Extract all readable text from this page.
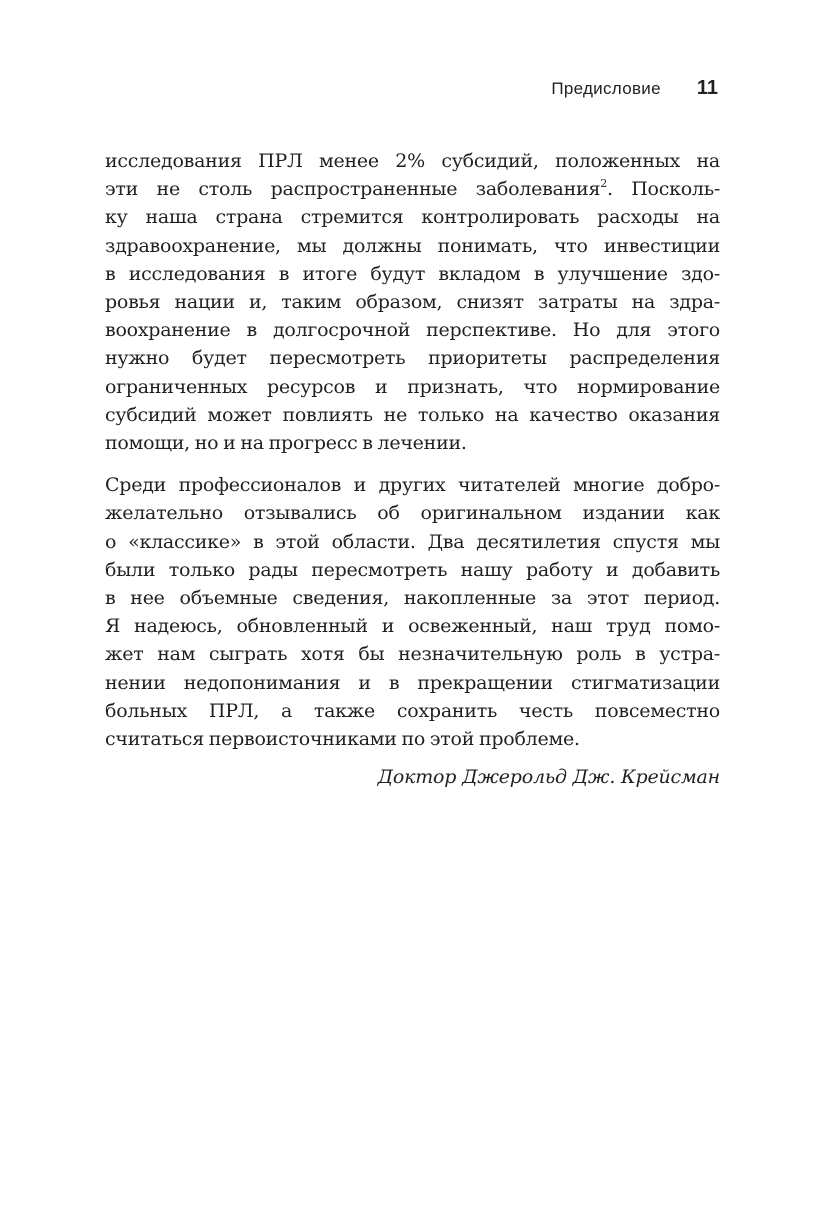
Предисловие 11

исследования ПРЛ менее 2% субсидий, положенных на
эти не столь распространенные заболевания$^2$. Посколь-
ку наша страна стремится контролировать расходы на
здравоохранение, мы должны понимать, что инвестиции
в исследования в итоге будут вкладом в улучшение здо-
ровья нации и, таким образом, снизят затраты на здра-
воохранение в долгосрочной перспективе. Но для этого
нужно будет пересмотреть приоритеты распределения
ограниченных ресурсов и признать, что нормирование
субсидий может повлиять не только на качество оказания
помощи, но и на прогресс в лечении.

Среди профессионалов и других читателей многие добро-
желательно отзывались об оригинальном издании как
о «классике» в этой области. Два десятилетия спустя мы
были только рады пересмотреть нашу работу и добавить
в нее объемные сведения, накопленные за этот период.
Я надеюсь, обновленный и освеженный, наш труд помо-
жет нам сыграть хотя бы незначительную роль в устра-
нении недопонимания и в прекращении стигматизации
больных ПРЛ, а также сохранить честь повсеместно
считаться первоисточниками по этой проблеме.

Доктор Джерольд Дж. Крейсман
